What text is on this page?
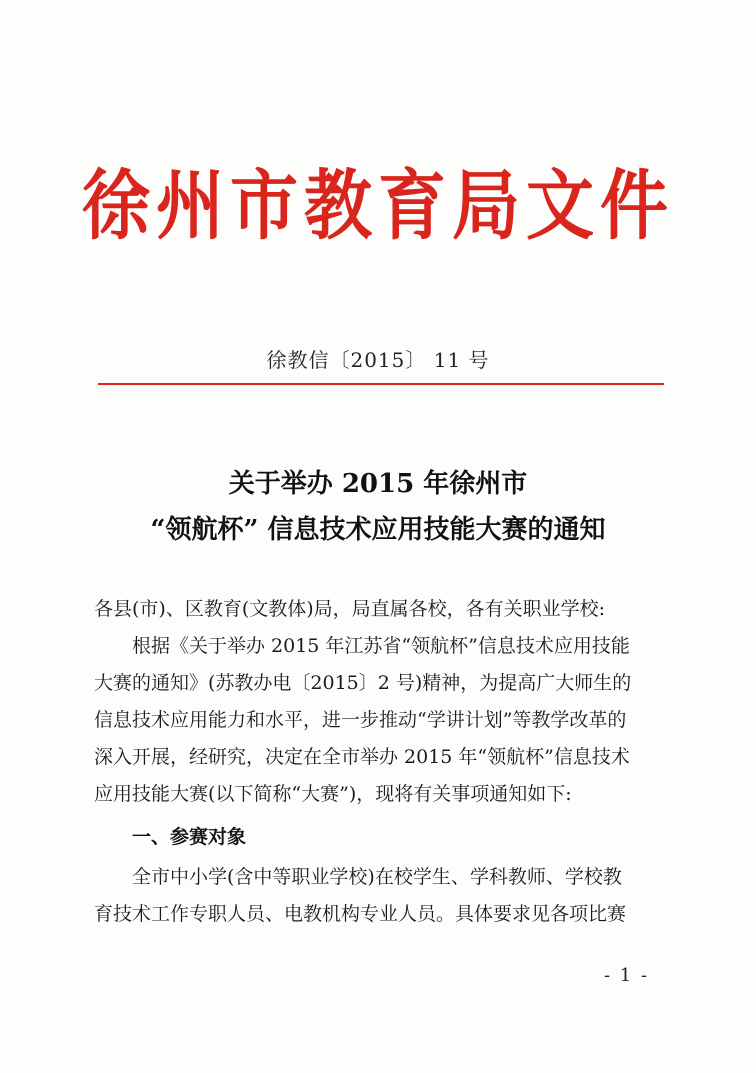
徐州市教育局文件
徐教信〔2015〕 11 号
关于举办 2015 年徐州市
“领航杯” 信息技术应用技能大赛的通知
各县(市)、区教育(文教体)局，局直属各校，各有关职业学校:
根据《关于举办 2015 年江苏省“领航杯”信息技术应用技能
大赛的通知》(苏教办电〔2015〕2 号)精神，为提高广大师生的
信息技术应用能力和水平，进一步推动“学讲计划”等教学改革的
深入开展，经研究，决定在全市举办 2015 年“领航杯”信息技术
应用技能大赛(以下简称“大赛”)，现将有关事项通知如下:
一、参赛对象
全市中小学(含中等职业学校)在校学生、学科教师、学校教
育技术工作专职人员、电教机构专业人员。具体要求见各项比赛
- 1 -
